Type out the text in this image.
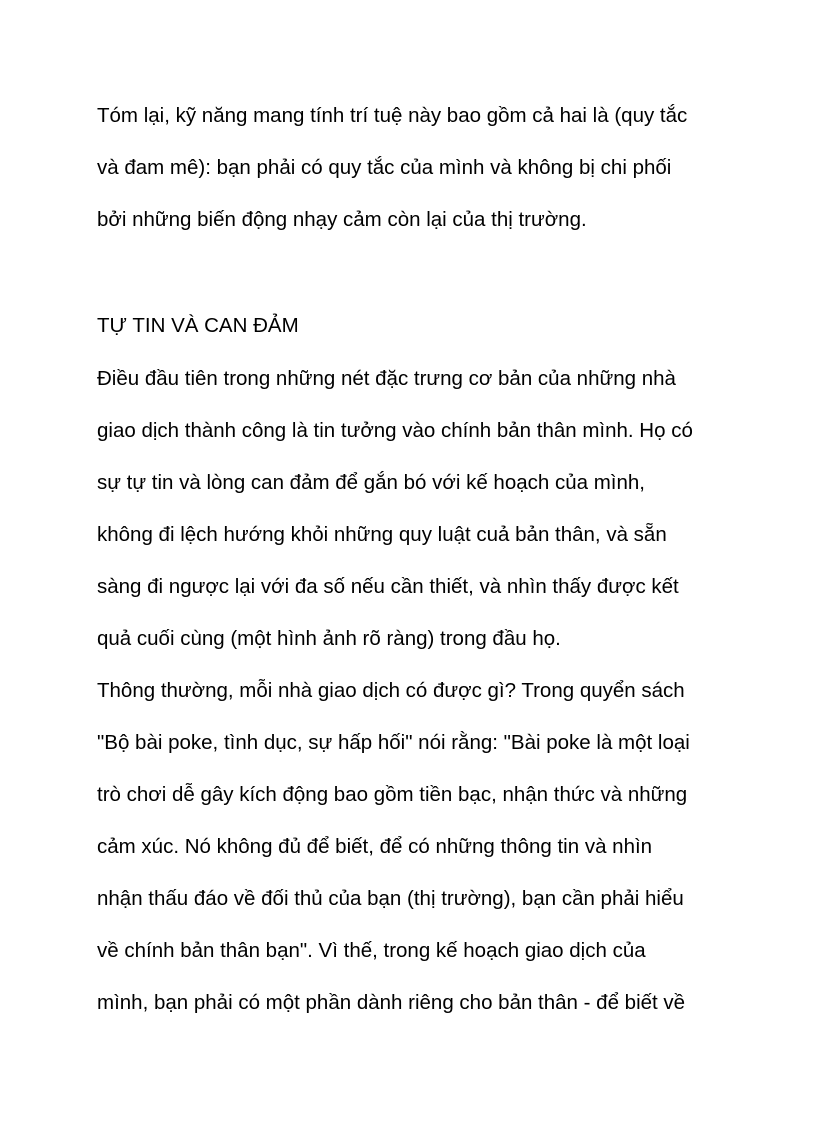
Tóm lại, kỹ năng mang tính trí tuệ này bao gồm cả hai là (quy tắc
và đam mê): bạn phải có quy tắc của mình và không bị chi phối
bởi những biến động nhạy cảm còn lại của thị trường.
TỰ TIN VÀ CAN ĐẢM
Điều đầu tiên trong những nét đặc trưng cơ bản của những nhà
giao dịch thành công là tin tưởng vào chính bản thân mình. Họ có
sự tự tin và lòng can đảm để gắn bó với kế hoạch của mình,
không đi lệch hướng khỏi những quy luật cuả bản thân, và sẵn
sàng đi ngược lại với đa số nếu cần thiết, và nhìn thấy được kết
quả cuối cùng (một hình ảnh rõ ràng) trong đầu họ.
Thông thường, mỗi nhà giao dịch có được gì? Trong quyển sách
"Bộ bài poke, tình dục, sự hấp hối" nói rằng: "Bài poke là một loại
trò chơi dễ gây kích động bao gồm tiền bạc, nhận thức và những
cảm xúc. Nó không đủ để biết, để có những thông tin và nhìn
nhận thấu đáo về đối thủ của bạn (thị trường), bạn cần phải hiểu
về chính bản thân bạn". Vì thế, trong kế hoạch giao dịch của
mình, bạn phải có một phần dành riêng cho bản thân - để biết về
